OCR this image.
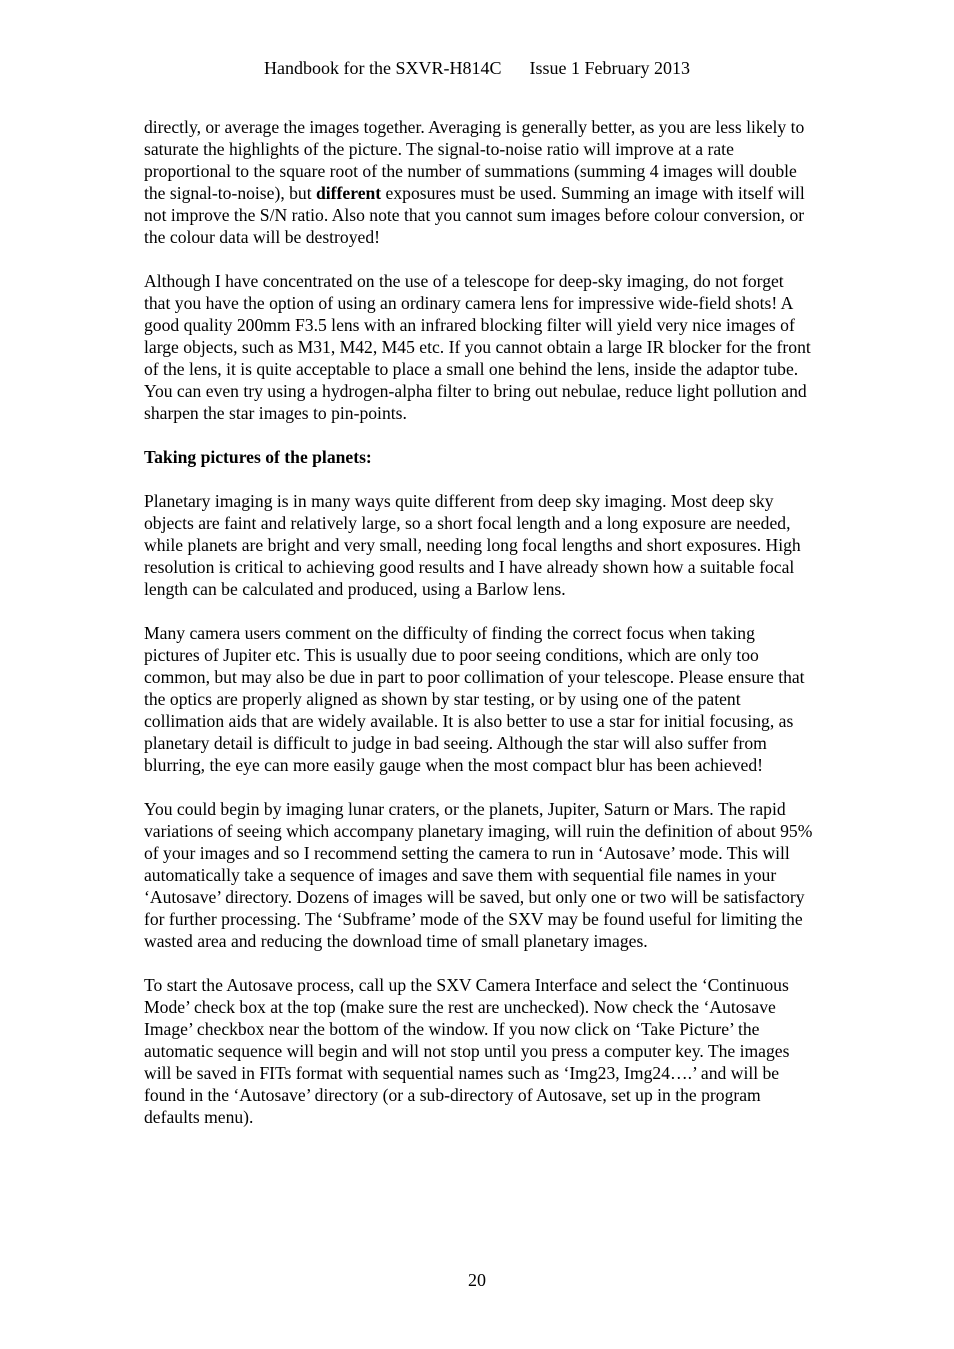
Handbook for the SXVR-H814C Issue 1 February 2013

directly, or average the images together. Averaging is generally better, as you are less likely to saturate the highlights of the picture. The signal-to-noise ratio will improve at a rate proportional to the square root of the number of summations (summing 4 images will double the signal-to-noise), but different exposures must be used. Summing an image with itself will not improve the S/N ratio. Also note that you cannot sum images before colour conversion, or the colour data will be destroyed!

Although I have concentrated on the use of a telescope for deep-sky imaging, do not forget that you have the option of using an ordinary camera lens for impressive wide-field shots! A good quality 200mm F3.5 lens with an infrared blocking filter will yield very nice images of large objects, such as M31, M42, M45 etc. If you cannot obtain a large IR blocker for the front of the lens, it is quite acceptable to place a small one behind the lens, inside the adaptor tube. You can even try using a hydrogen-alpha filter to bring out nebulae, reduce light pollution and sharpen the star images to pin-points.

Taking pictures of the planets:

Planetary imaging is in many ways quite different from deep sky imaging. Most deep sky objects are faint and relatively large, so a short focal length and a long exposure are needed, while planets are bright and very small, needing long focal lengths and short exposures. High resolution is critical to achieving good results and I have already shown how a suitable focal length can be calculated and produced, using a Barlow lens.

Many camera users comment on the difficulty of finding the correct focus when taking pictures of Jupiter etc. This is usually due to poor seeing conditions, which are only too common, but may also be due in part to poor collimation of your telescope. Please ensure that the optics are properly aligned as shown by star testing, or by using one of the patent collimation aids that are widely available. It is also better to use a star for initial focusing, as planetary detail is difficult to judge in bad seeing. Although the star will also suffer from blurring, the eye can more easily gauge when the most compact blur has been achieved!

You could begin by imaging lunar craters, or the planets, Jupiter, Saturn or Mars. The rapid variations of seeing which accompany planetary imaging, will ruin the definition of about 95% of your images and so I recommend setting the camera to run in ‘Autosave’ mode. This will automatically take a sequence of images and save them with sequential file names in your ‘Autosave’ directory. Dozens of images will be saved, but only one or two will be satisfactory for further processing. The ‘Subframe’ mode of the SXV may be found useful for limiting the wasted area and reducing the download time of small planetary images.

To start the Autosave process, call up the SXV Camera Interface and select the ‘Continuous Mode’ check box at the top (make sure the rest are unchecked). Now check the ‘Autosave Image’ checkbox near the bottom of the window. If you now click on ‘Take Picture’ the automatic sequence will begin and will not stop until you press a computer key. The images will be saved in FITs format with sequential names such as ‘Img23, Img24….’ and will be found in the ‘Autosave’ directory (or a sub-directory of Autosave, set up in the program defaults menu).

20
